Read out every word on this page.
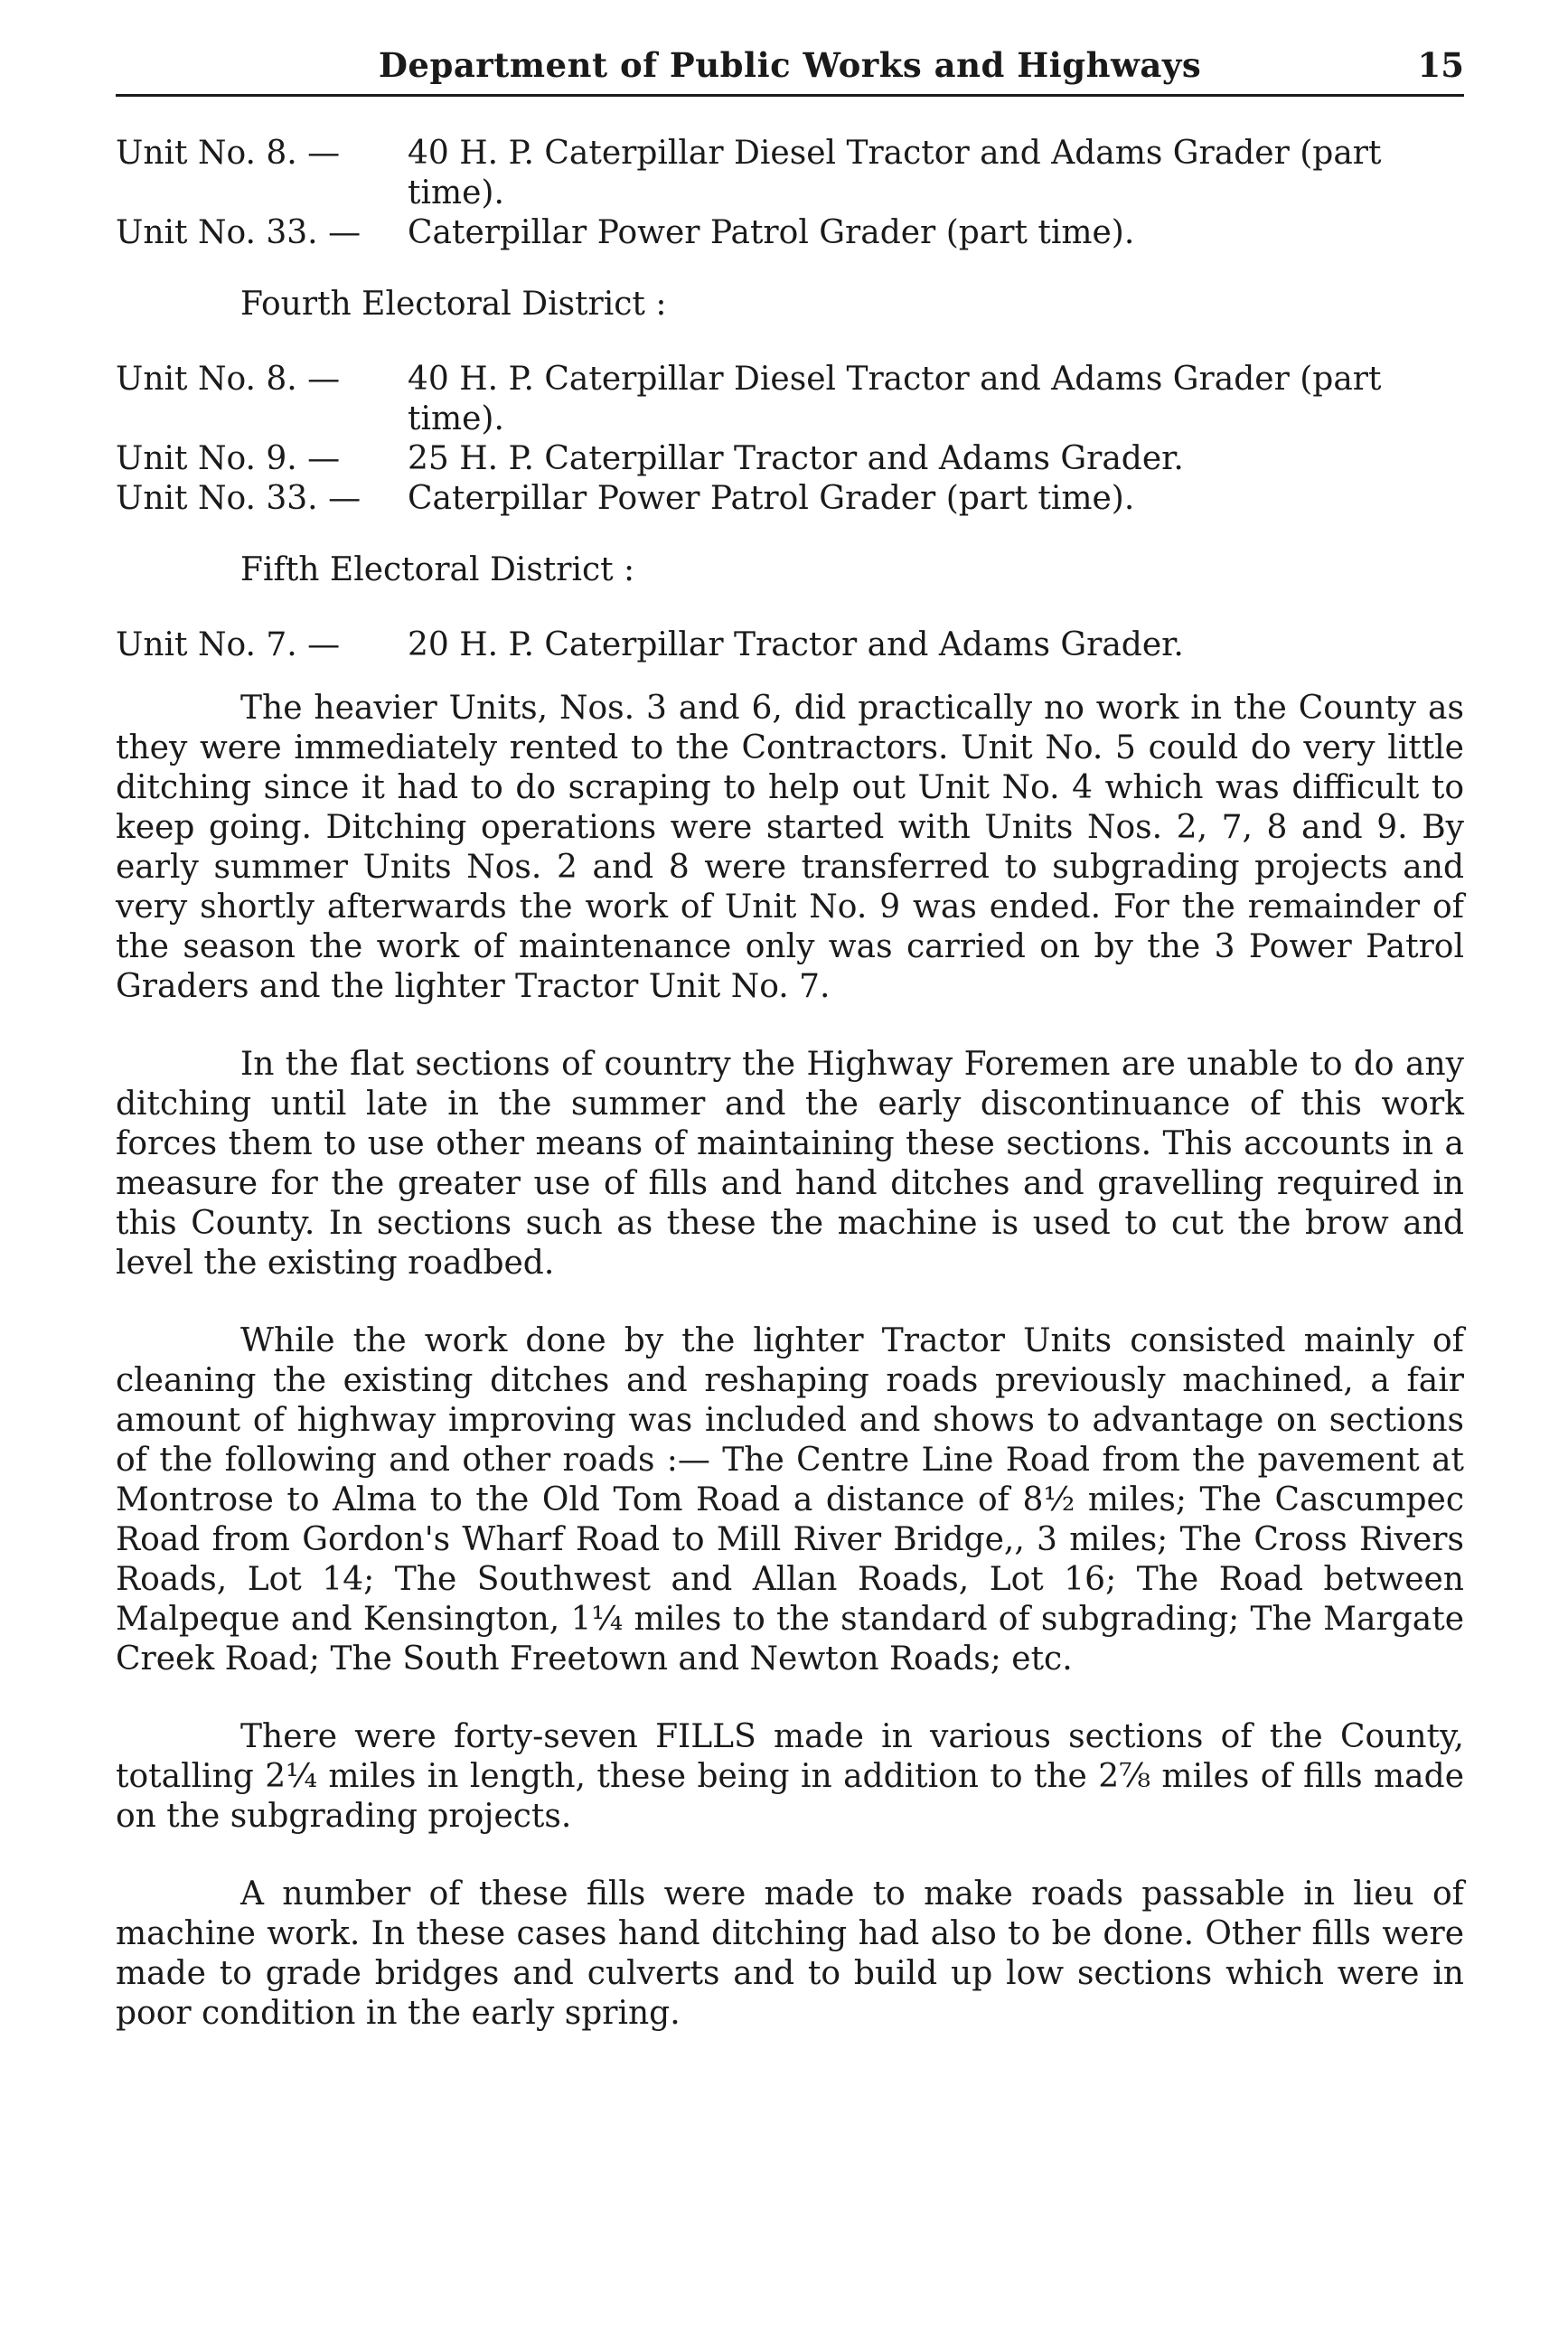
Department of Public Works and Highways	15
Unit No. 8. — 40 H. P. Caterpillar Diesel Tractor and Adams Grader (part time).
Unit No. 33. — Caterpillar Power Patrol Grader (part time).
Fourth Electoral District :
Unit No. 8. — 40 H. P. Caterpillar Diesel Tractor and Adams Grader (part time).
Unit No. 9. — 25 H. P. Caterpillar Tractor and Adams Grader.
Unit No. 33. — Caterpillar Power Patrol Grader (part time).
Fifth Electoral District :
Unit No. 7. — 20 H. P. Caterpillar Tractor and Adams Grader.

The heavier Units, Nos. 3 and 6, did practically no work in the County as they were immediately rented to the Contractors. Unit No. 5 could do very little ditching since it had to do scraping to help out Unit No. 4 which was difficult to keep going. Ditching operations were started with Units Nos. 2, 7, 8 and 9. By early summer Units Nos. 2 and 8 were transferred to subgrading projects and very shortly afterwards the work of Unit No. 9 was ended. For the remainder of the season the work of maintenance only was carried on by the 3 Power Patrol Graders and the lighter Tractor Unit No. 7.

In the flat sections of country the Highway Foremen are unable to do any ditching until late in the summer and the early discontinuance of this work forces them to use other means of maintaining these sections. This accounts in a measure for the greater use of fills and hand ditches and gravelling required in this County. In sections such as these the machine is used to cut the brow and level the existing roadbed.

While the work done by the lighter Tractor Units consisted mainly of cleaning the existing ditches and reshaping roads previously machined, a fair amount of highway improving was included and shows to advantage on sections of the following and other roads :— The Centre Line Road from the pavement at Montrose to Alma to the Old Tom Road a distance of 8½ miles; The Cascumpec Road from Gordon's Wharf Road to Mill River Bridge,, 3 miles; The Cross Rivers Roads, Lot 14; The Southwest and Allan Roads, Lot 16; The Road between Malpeque and Kensington, 1¼ miles to the standard of subgrading; The Margate Creek Road; The South Freetown and Newton Roads; etc.

There were forty-seven FILLS made in various sections of the County, totalling 2¼ miles in length, these being in addition to the 2⅞ miles of fills made on the subgrading projects.

A number of these fills were made to make roads passable in lieu of machine work. In these cases hand ditching had also to be done. Other fills were made to grade bridges and culverts and to build up low sections which were in poor condition in the early spring.
